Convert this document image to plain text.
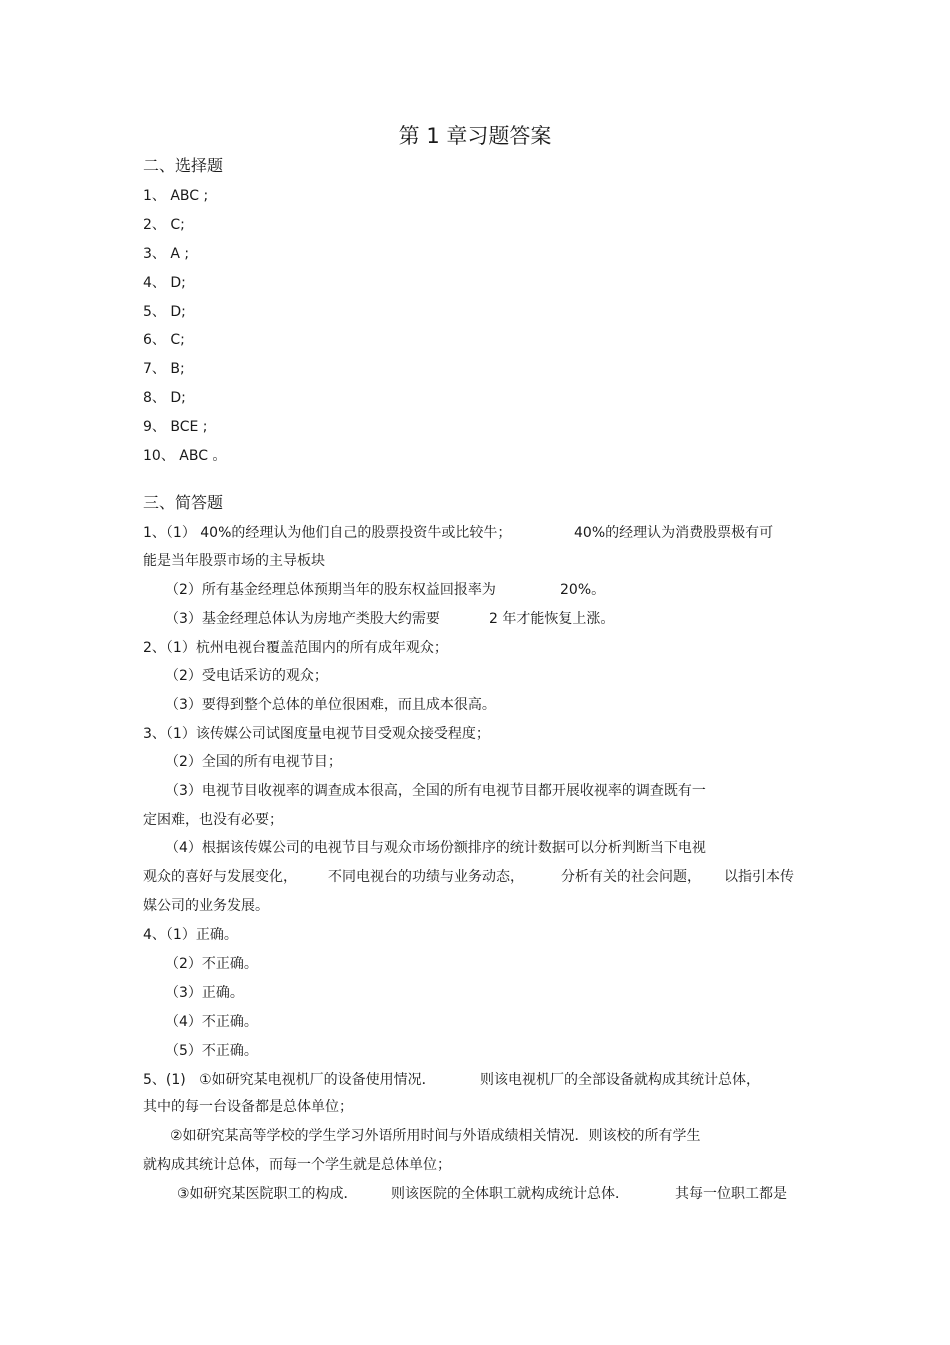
第 1 章习题答案
二、选择题
1、 ABC ;
2、 C;
3、 A ;
4、 D;
5、 D;
6、 C;
7、 B;
8、 D;
9、 BCE ;
10、 ABC 。
三、简答题
1、（1） 40%的经理认为他们自己的股票投资牛或比较牛；	40%的经理认为消费股票极有可
能是当年股票市场的主导板块
（2）所有基金经理总体预期当年的股东权益回报率为	20%。
（3）基金经理总体认为房地产类股大约需要	2 年才能恢复上涨。
2、（1）杭州电视台覆盖范围内的所有成年观众；
（2）受电话采访的观众；
（3）要得到整个总体的单位很困难，而且成本很高。
3、（1）该传媒公司试图度量电视节目受观众接受程度；
（2）全国的所有电视节目；
（3）电视节目收视率的调查成本很高，全国的所有电视节目都开展收视率的调查既有一
定困难，也没有必要；
（4）根据该传媒公司的电视节目与观众市场份额排序的统计数据可以分析判断当下电视
观众的喜好与发展变化， 不同电视台的功绩与业务动态，	分析有关的社会问题， 以指引本传
媒公司的业务发展。
4、（1）正确。
（2）不正确。
（3）正确。
（4）不正确。
（5）不正确。
5、(1)   ①如研究某电视机厂的设备使用情况．	则该电视机厂的全部设备就构成其统计总体，
其中的每一台设备都是总体单位；
②如研究某高等学校的学生学习外语所用时间与外语成绩相关情况．则该校的所有学生
就构成其统计总体，而每一个学生就是总体单位；
③如研究某医院职工的构成． 则该医院的全体职工就构成统计总体．	其每一位职工都是
